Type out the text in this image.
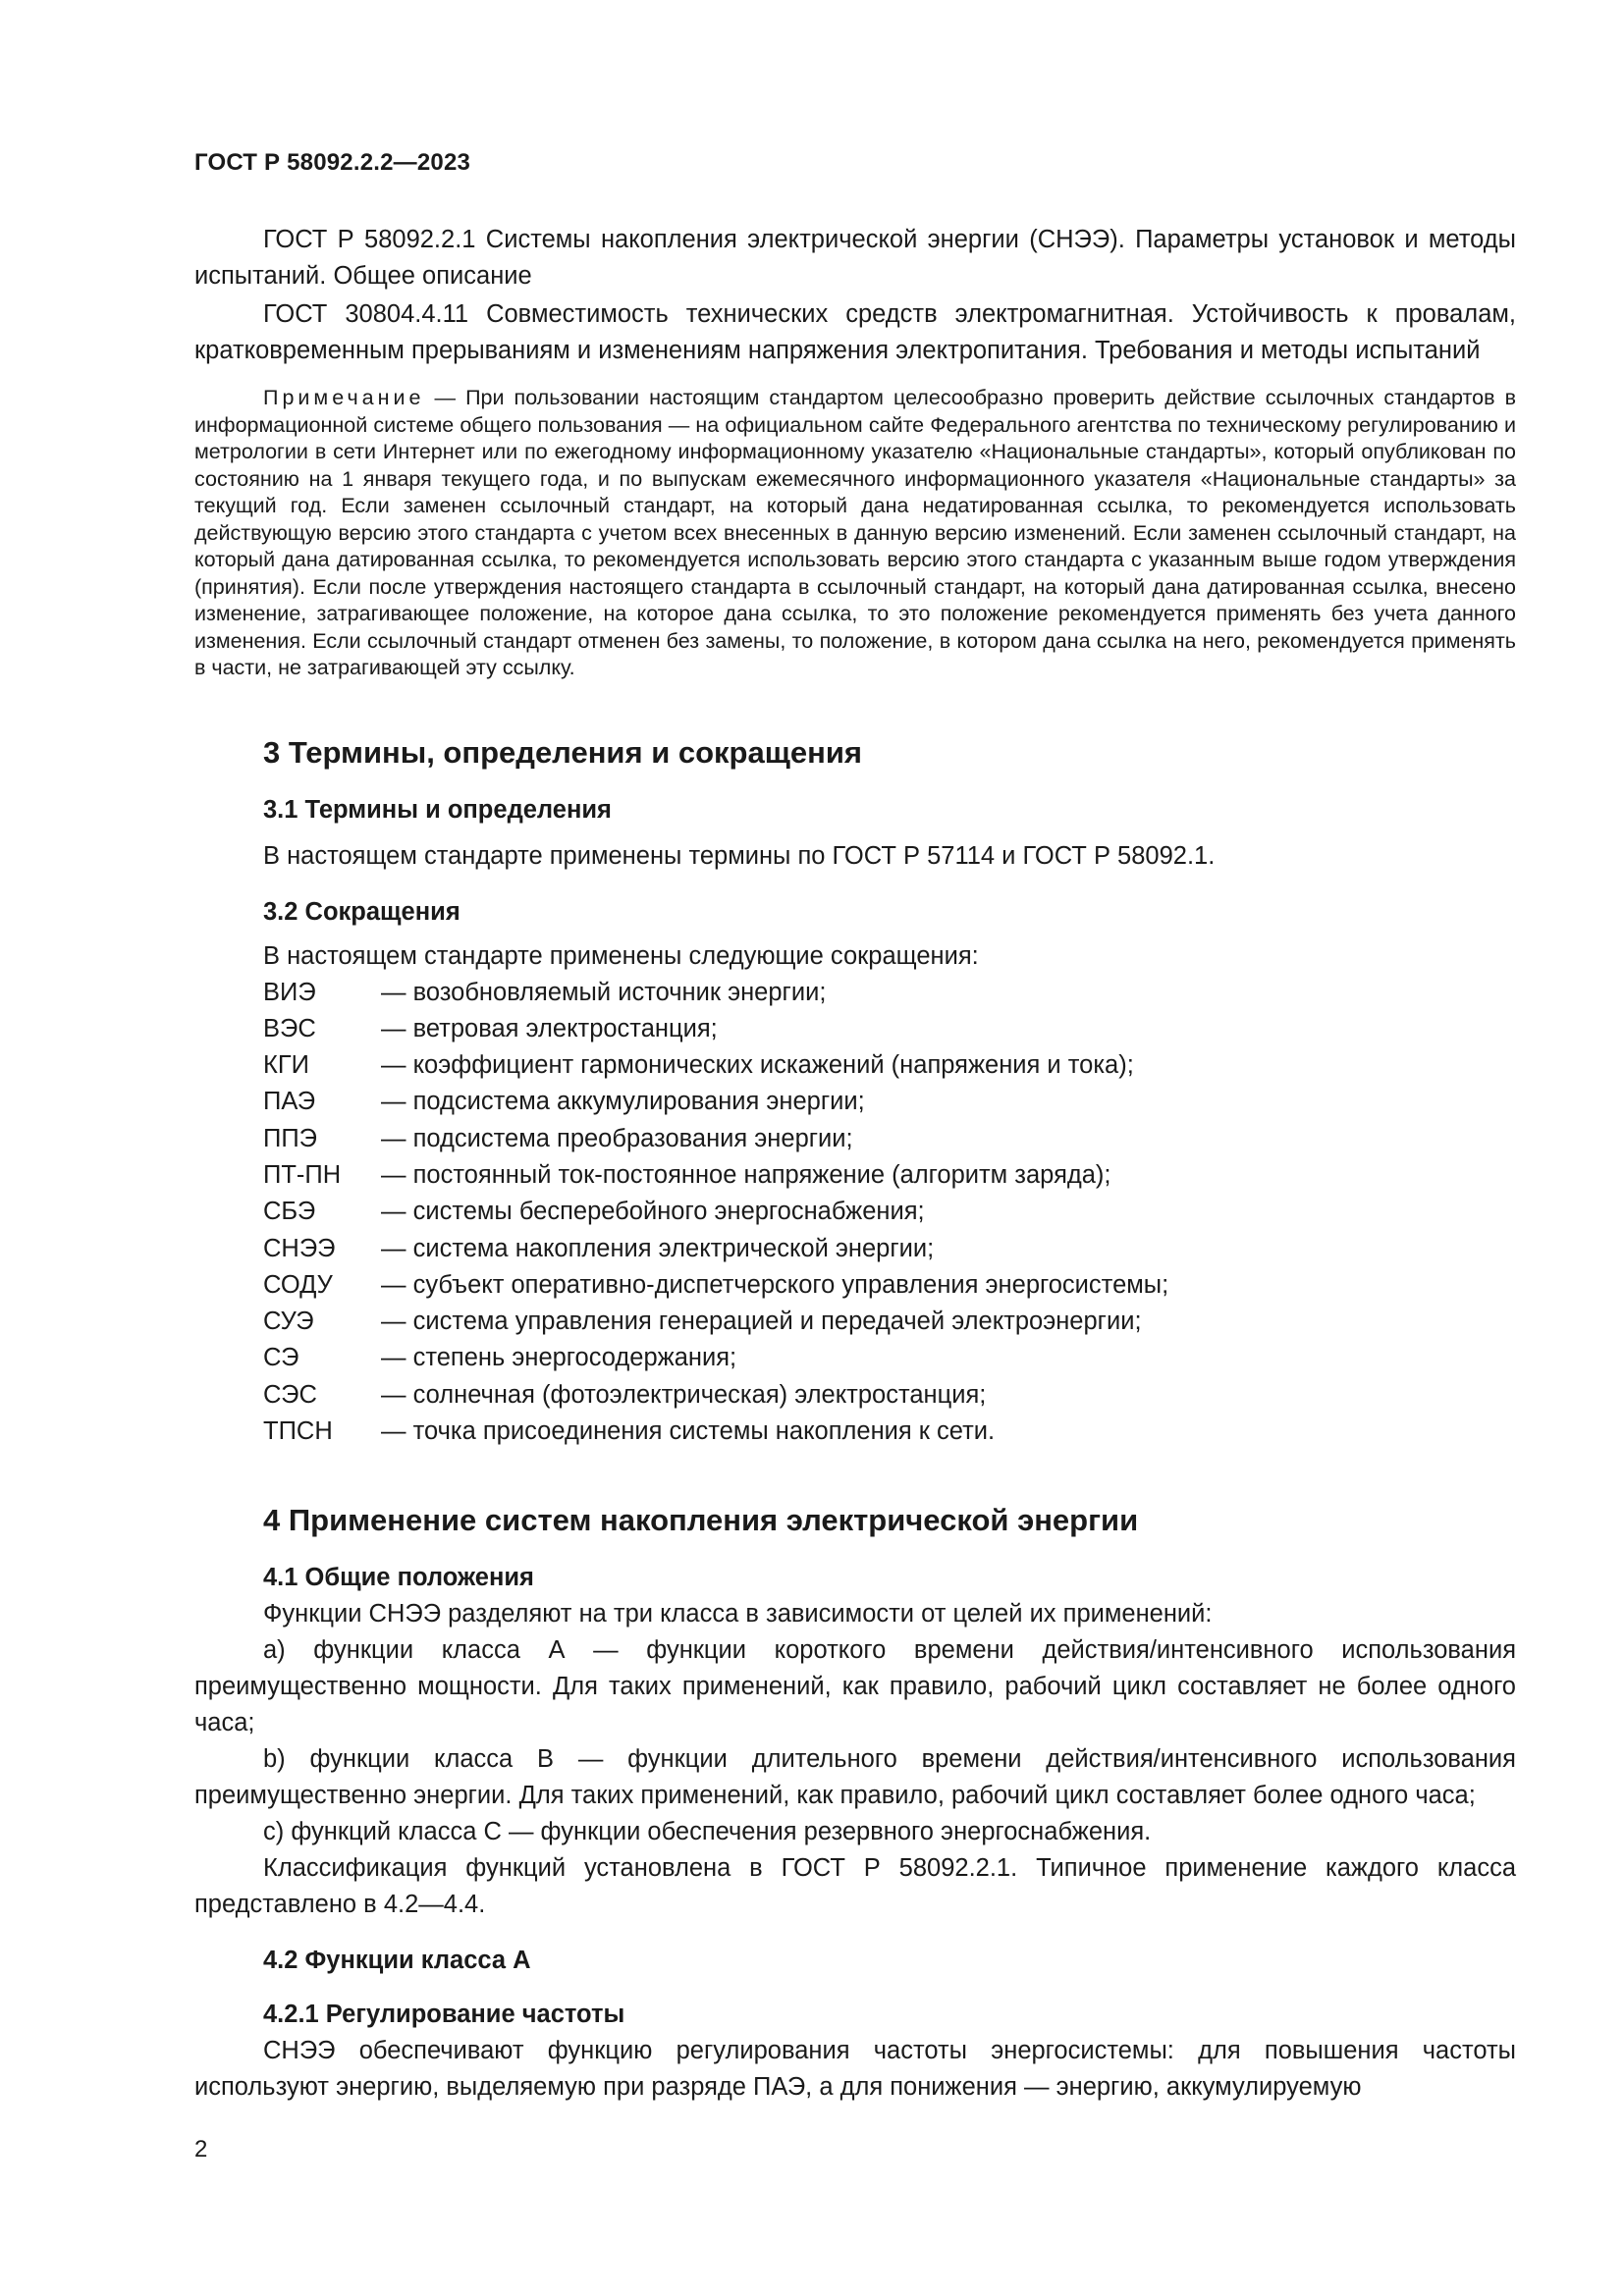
ГОСТ Р 58092.2.2—2023

ГОСТ Р 58092.2.1 Системы накопления электрической энергии (СНЭЭ). Параметры установок и методы испытаний. Общее описание

ГОСТ 30804.4.11 Совместимость технических средств электромагнитная. Устойчивость к провалам, кратковременным прерываниям и изменениям напряжения электропитания. Требования и методы испытаний

Примечание — При пользовании настоящим стандартом целесообразно проверить действие ссылочных стандартов в информационной системе общего пользования — на официальном сайте Федерального агентства по техническому регулированию и метрологии в сети Интернет или по ежегодному информационному указателю «Национальные стандарты», который опубликован по состоянию на 1 января текущего года, и по выпускам ежемесячного информационного указателя «Национальные стандарты» за текущий год. Если заменен ссылочный стандарт, на который дана недатированная ссылка, то рекомендуется использовать действующую версию этого стандарта с учетом всех внесенных в данную версию изменений. Если заменен ссылочный стандарт, на который дана датированная ссылка, то рекомендуется использовать версию этого стандарта с указанным выше годом утверждения (принятия). Если после утверждения настоящего стандарта в ссылочный стандарт, на который дана датированная ссылка, внесено изменение, затрагивающее положение, на которое дана ссылка, то это положение рекомендуется применять без учета данного изменения. Если ссылочный стандарт отменен без замены, то положение, в котором дана ссылка на него, рекомендуется применять в части, не затрагивающей эту ссылку.

3 Термины, определения и сокращения
3.1 Термины и определения

В настоящем стандарте применены термины по ГОСТ Р 57114 и ГОСТ Р 58092.1.

3.2 Сокращения

В настоящем стандарте применены следующие сокращения:

ВИЭ	— возобновляемый источник энергии;
ВЭС	— ветровая электростанция;
КГИ	— коэффициент гармонических искажений (напряжения и тока);
ПАЭ	— подсистема аккумулирования энергии;
ППЭ	— подсистема преобразования энергии;
ПТ-ПН	— постоянный ток-постоянное напряжение (алгоритм заряда);
СБЭ	— системы бесперебойного энергоснабжения;
СНЭЭ	— система накопления электрической энергии;
СОДУ	— субъект оперативно-диспетчерского управления энергосистемы;
СУЭ	— система управления генерацией и передачей электроэнергии;
СЭ	— степень энергосодержания;
СЭС	— солнечная (фотоэлектрическая) электростанция;
ТПСН	— точка присоединения системы накопления к сети.
4 Применение систем накопления электрической энергии
4.1 Общие положения

Функции СНЭЭ разделяют на три класса в зависимости от целей их применений:

а) функции класса А — функции короткого времени действия/интенсивного использования преимущественно мощности. Для таких применений, как правило, рабочий цикл составляет не более одного часа;

b) функции класса В — функции длительного времени действия/интенсивного использования преимущественно энергии. Для таких применений, как правило, рабочий цикл составляет более одного часа;

c) функций класса С — функции обеспечения резервного энергоснабжения.

Классификация функций установлена в ГОСТ Р 58092.2.1. Типичное применение каждого класса представлено в 4.2—4.4.

4.2 Функции класса А
4.2.1 Регулирование частоты

СНЭЭ обеспечивают функцию регулирования частоты энергосистемы: для повышения частоты используют энергию, выделяемую при разряде ПАЭ, а для понижения — энергию, аккумулируемую

2
